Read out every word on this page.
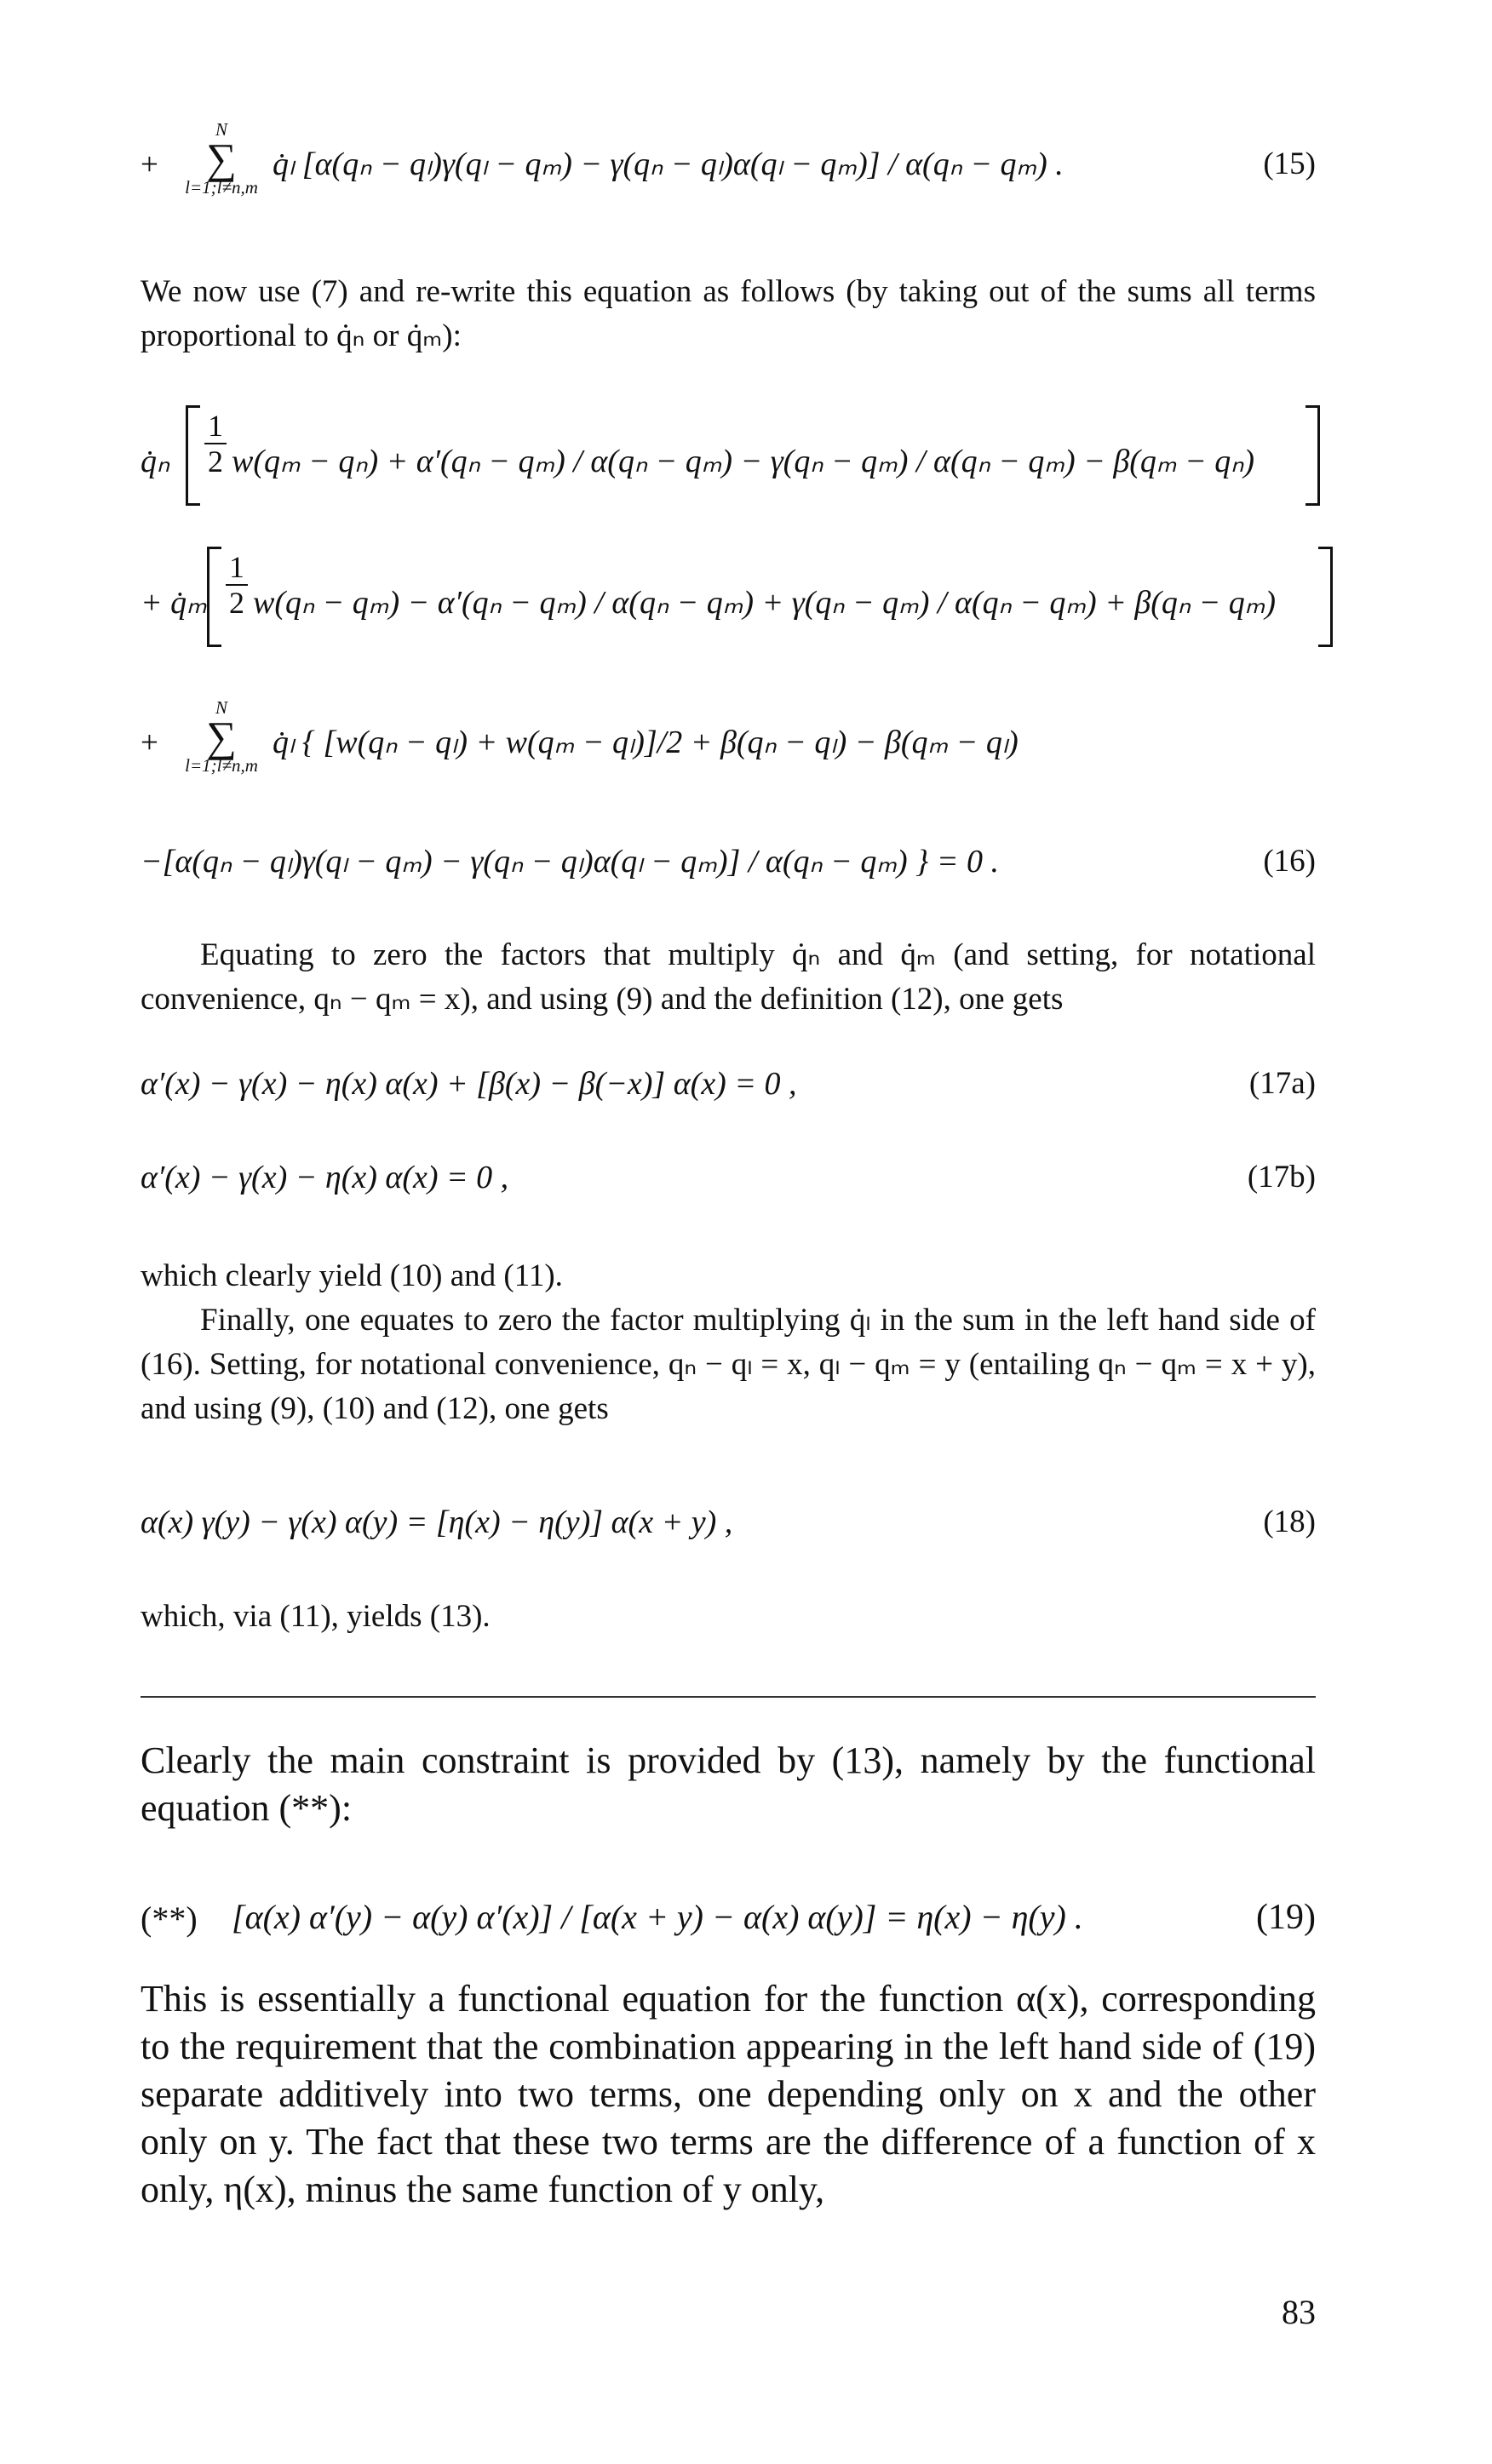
+
N
∑
l=1;l≠n,m
q̇ₗ [α(qₙ − qₗ)γ(qₗ − qₘ) − γ(qₙ − qₗ)α(qₗ − qₘ)] / α(qₙ − qₘ) .	(15)
We now use (7) and re-write this equation as follows (by taking out of the sums all terms proportional to q̇ₙ or q̇ₘ):
q̇ₙ
1
2 w(qₘ − qₙ) + α′(qₙ − qₘ) / α(qₙ − qₘ) − γ(qₙ − qₘ) / α(qₙ − qₘ) − β(qₘ − qₙ)
+ q̇ₘ
1
2 w(qₙ − qₘ) − α′(qₙ − qₘ) / α(qₙ − qₘ) + γ(qₙ − qₘ) / α(qₙ − qₘ) + β(qₙ − qₘ)
+
N
∑
l=1;l≠n,m
q̇ₗ { [w(qₙ − qₗ) + w(qₘ − qₗ)]/2 + β(qₙ − qₗ) − β(qₘ − qₗ)
−[α(qₙ − qₗ)γ(qₗ − qₘ) − γ(qₙ − qₗ)α(qₗ − qₘ)] / α(qₙ − qₘ) } = 0 .	(16)
Equating to zero the factors that multiply q̇ₙ and q̇ₘ (and setting, for notational convenience, qₙ − qₘ = x), and using (9) and the definition (12), one gets
α′(x) − γ(x) − η(x) α(x) + [β(x) − β(−x)] α(x) = 0 ,	(17a)
α′(x) − γ(x) − η(x) α(x) = 0 ,	(17b)
which clearly yield (10) and (11).
Finally, one equates to zero the factor multiplying q̇ₗ in the sum in the left hand side of (16). Setting, for notational convenience, qₙ − qₗ = x, qₗ − qₘ = y (entailing qₙ − qₘ = x + y), and using (9), (10) and (12), one gets
α(x) γ(y) − γ(x) α(y) = [η(x) − η(y)] α(x + y) ,	(18)
which, via (11), yields (13).
Clearly the main constraint is provided by (13), namely by the functional equation (**):
(**) [α(x) α′(y) − α(y) α′(x)] / [α(x + y) − α(x) α(y)] = η(x) − η(y) .	(19)
This is essentially a functional equation for the function α(x), corresponding to the requirement that the combination appearing in the left hand side of (19) separate additively into two terms, one depending only on x and the other only on y. The fact that these two terms are the difference of a function of x only, η(x), minus the same function of y only,
83
